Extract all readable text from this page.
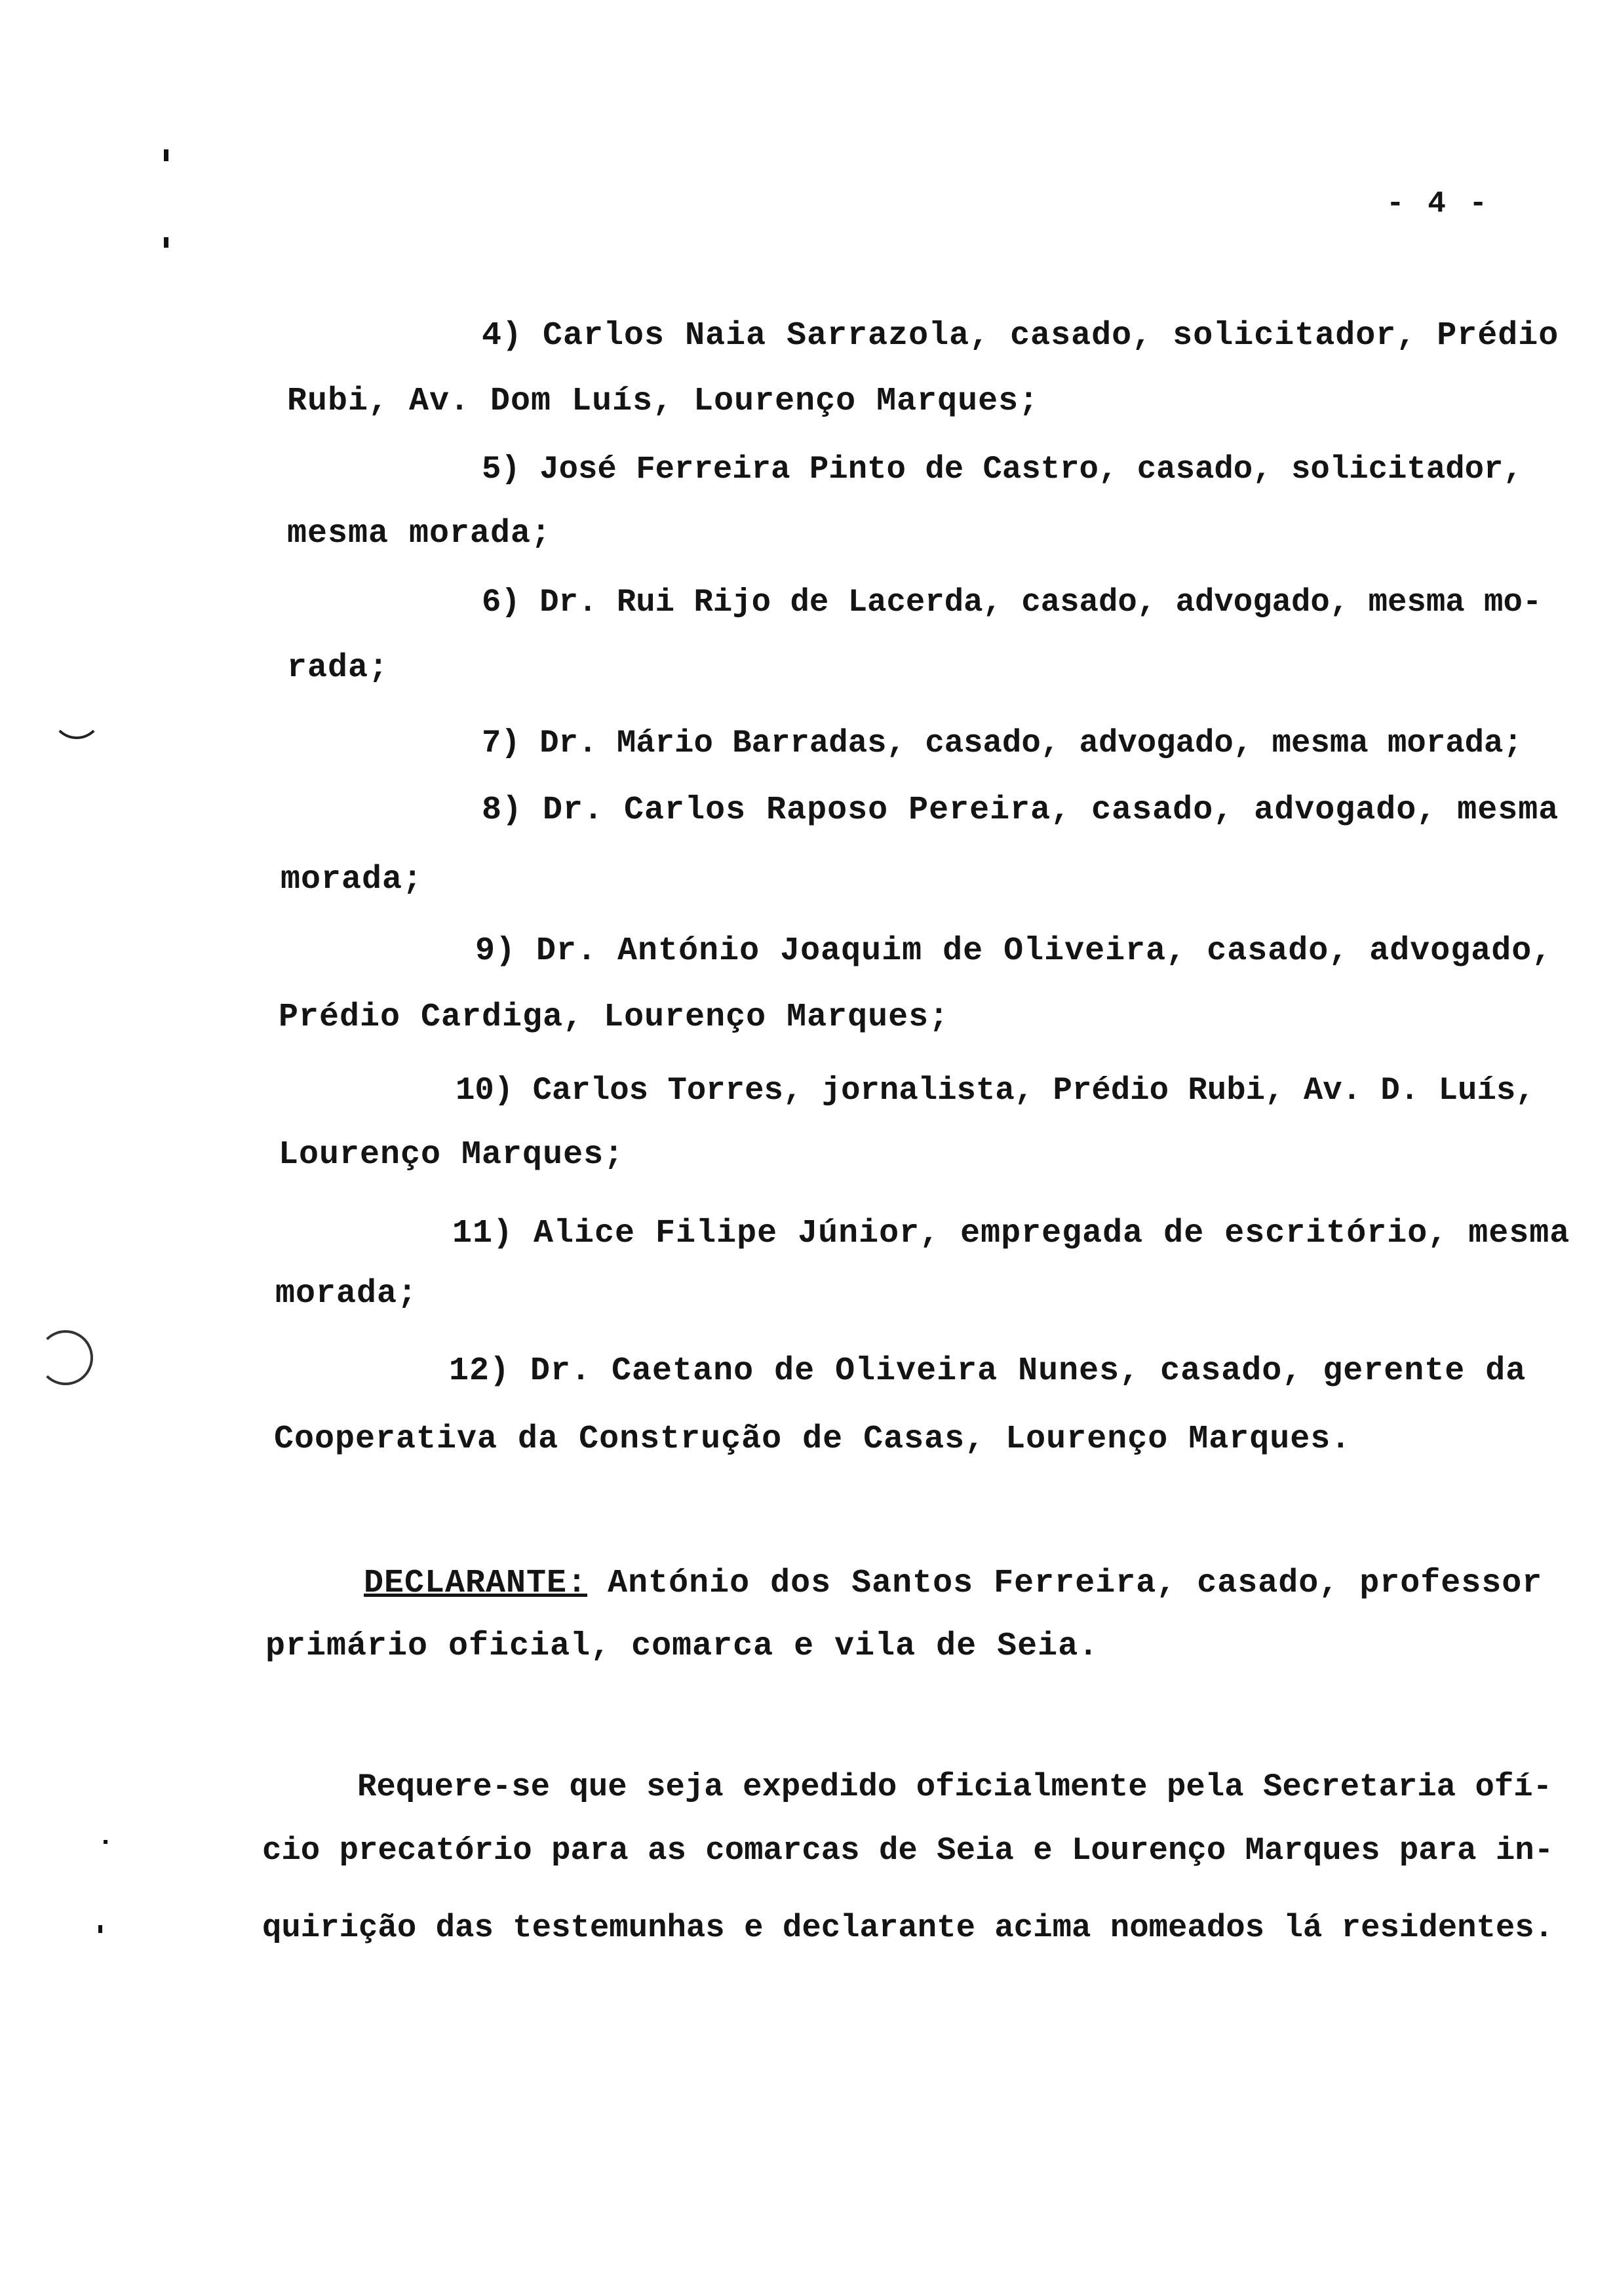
- 4 -
4) Carlos Naia Sarrazola, casado, solicitador, Prédio
Rubi, Av. Dom Luís, Lourenço Marques;
5) José Ferreira Pinto de Castro, casado, solicitador,
mesma morada;
6) Dr. Rui Rijo de Lacerda, casado, advogado, mesma mo-
rada;
7) Dr. Mário Barradas, casado, advogado, mesma morada;
8) Dr. Carlos Raposo Pereira, casado, advogado, mesma
morada;
9) Dr. António Joaquim de Oliveira, casado, advogado,
Prédio Cardiga, Lourenço Marques;
10) Carlos Torres, jornalista, Prédio Rubi, Av. D. Luís,
Lourenço Marques;
11) Alice Filipe Júnior, empregada de escritório, mesma
morada;
12) Dr. Caetano de Oliveira Nunes, casado, gerente da
Cooperativa da Construção de Casas, Lourenço Marques.
DECLARANTE: António dos Santos Ferreira, casado, professor
primário oficial, comarca e vila de Seia.
Requere-se que seja expedido oficialmente pela Secretaria ofí-
cio precatório para as comarcas de Seia e Lourenço Marques para in-
quirição das testemunhas e declarante acima nomeados lá residentes.
